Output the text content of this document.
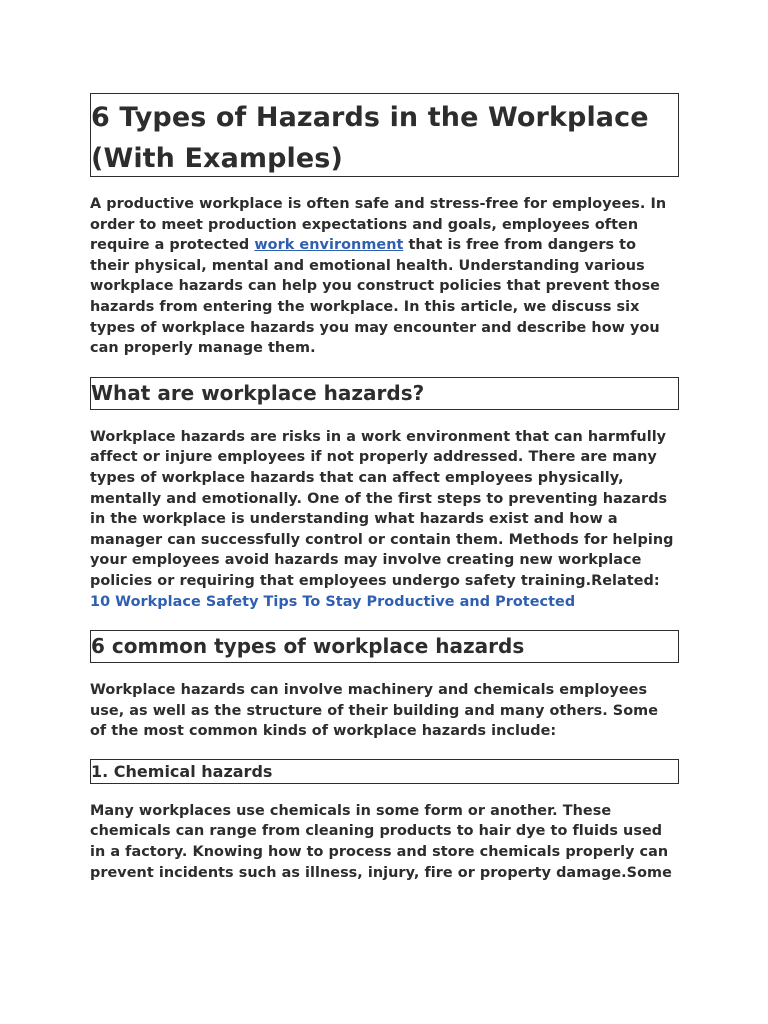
6 Types of Hazards in the Workplace (With Examples)

A productive workplace is often safe and stress-free for employees. In order to meet production expectations and goals, employees often require a protected work environment that is free from dangers to their physical, mental and emotional health. Understanding various workplace hazards can help you construct policies that prevent those hazards from entering the workplace. In this article, we discuss six types of workplace hazards you may encounter and describe how you can properly manage them.

What are workplace hazards?

Workplace hazards are risks in a work environment that can harmfully affect or injure employees if not properly addressed. There are many types of workplace hazards that can affect employees physically, mentally and emotionally. One of the first steps to preventing hazards in the workplace is understanding what hazards exist and how a manager can successfully control or contain them. Methods for helping your employees avoid hazards may involve creating new workplace policies or requiring that employees undergo safety training.Related: 10 Workplace Safety Tips To Stay Productive and Protected

6 common types of workplace hazards

Workplace hazards can involve machinery and chemicals employees use, as well as the structure of their building and many others. Some of the most common kinds of workplace hazards include:

1. Chemical hazards

Many workplaces use chemicals in some form or another. These chemicals can range from cleaning products to hair dye to fluids used in a factory. Knowing how to process and store chemicals properly can prevent incidents such as illness, injury, fire or property damage.Some
